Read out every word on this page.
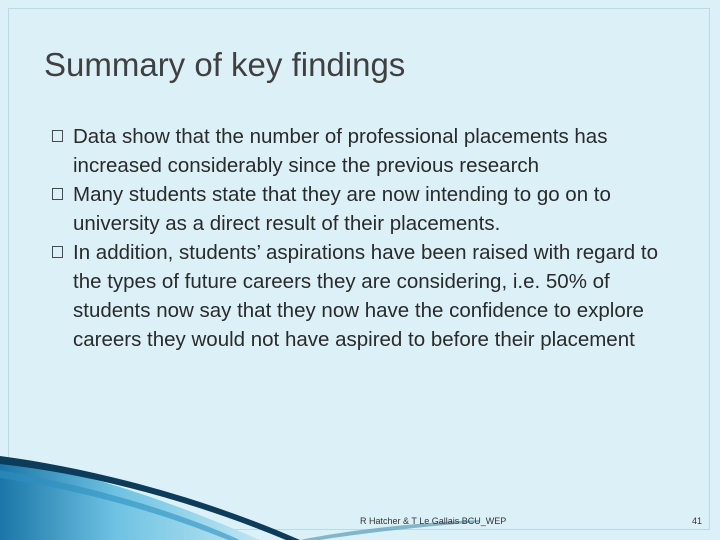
Summary of key findings
Data show that the number of professional placements has increased considerably since the previous research
Many students state that they are now intending to go on to university as a direct result of their placements.
In addition, students’ aspirations have been raised with regard to the types of future careers they are considering, i.e. 50% of students now say that they now have the confidence to explore careers they would not have aspired to before their placement
R Hatcher & T Le Gallais BCU_WEP	41
